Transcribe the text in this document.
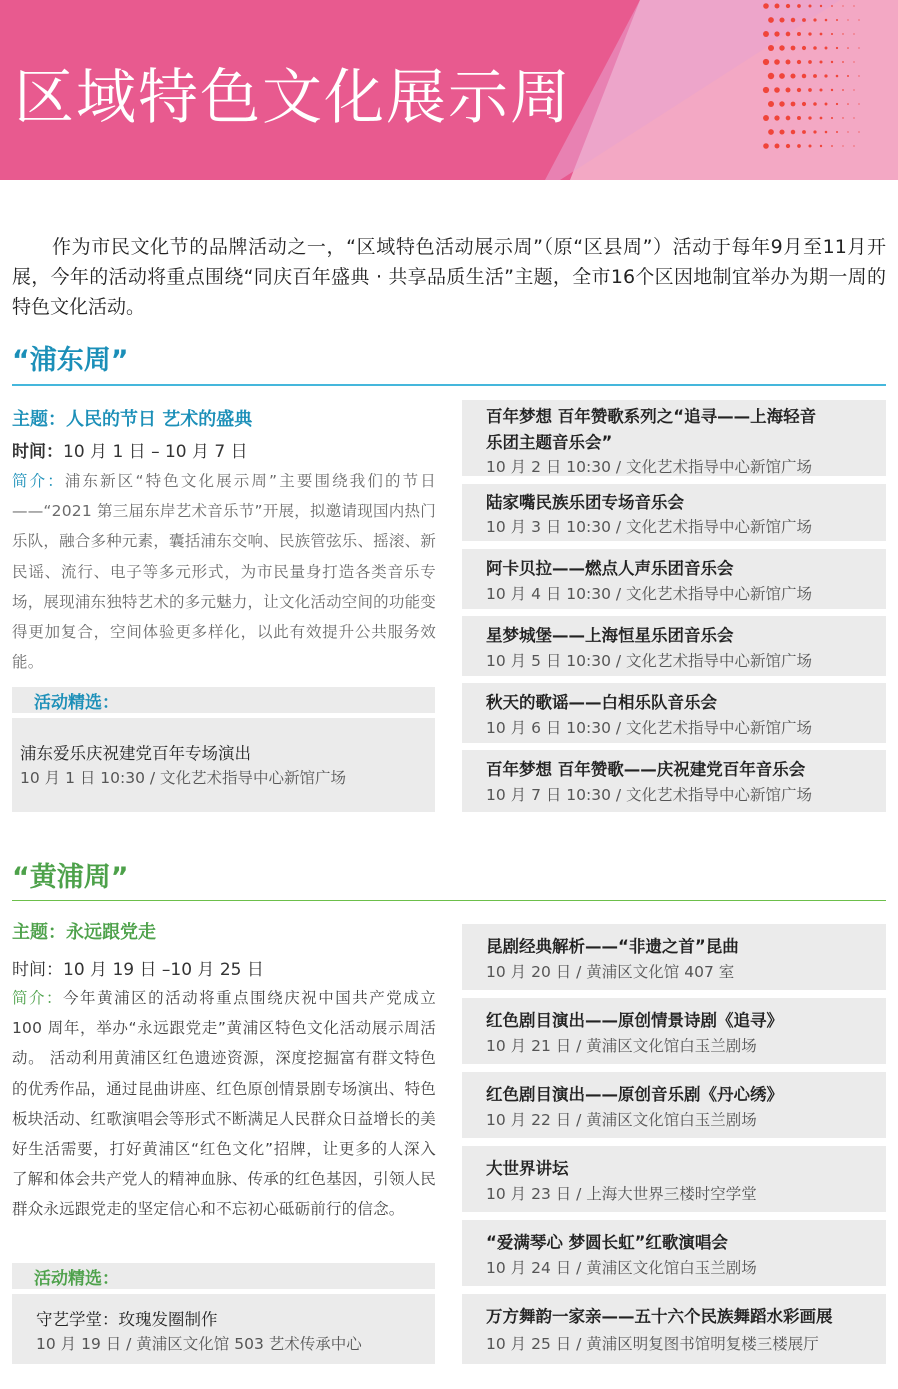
区域特色文化展示周
作为市民文化节的品牌活动之一，“区域特色活动展示周”（原“区县周”）活动于每年9月至11月开展，今年的活动将重点围绕“同庆百年盛典 · 共享品质生活”主题，全市16个区因地制宜举办为期一周的特色文化活动。
“浦东周”
主题：人民的节日 艺术的盛典
时间：10 月 1 日 – 10 月 7 日
简介：浦东新区“特色文化展示周”主要围绕我们的节日——“2021 第三届东岸艺术音乐节”开展，拟邀请现国内热门乐队，融合多种元素，囊括浦东交响、民族管弦乐、摇滚、新民谣、流行、电子等多元形式，为市民量身打造各类音乐专场，展现浦东独特艺术的多元魅力，让文化活动空间的功能变得更加复合，空间体验更多样化，以此有效提升公共服务效能。
活动精选：
浦东爱乐庆祝建党百年专场演出
10 月 1 日 10:30 / 文化艺术指导中心新馆广场
百年梦想 百年赞歌系列之“追寻——上海轻音
乐团主题音乐会”
10 月 2 日 10:30 / 文化艺术指导中心新馆广场
陆家嘴民族乐团专场音乐会
10 月 3 日 10:30 / 文化艺术指导中心新馆广场
阿卡贝拉——燃点人声乐团音乐会
10 月 4 日 10:30 / 文化艺术指导中心新馆广场
星梦城堡——上海恒星乐团音乐会
10 月 5 日 10:30 / 文化艺术指导中心新馆广场
秋天的歌谣——白相乐队音乐会
10 月 6 日 10:30 / 文化艺术指导中心新馆广场
百年梦想 百年赞歌——庆祝建党百年音乐会
10 月 7 日 10:30 / 文化艺术指导中心新馆广场
“黄浦周”
主题：永远跟党走
时间：10 月 19 日 –10 月 25 日
简介：今年黄浦区的活动将重点围绕庆祝中国共产党成立 100 周年，举办“永远跟党走”黄浦区特色文化活动展示周活动。 活动利用黄浦区红色遗迹资源，深度挖掘富有群文特色的优秀作品，通过昆曲讲座、红色原创情景剧专场演出、特色板块活动、红歌演唱会等形式不断满足人民群众日益增长的美好生活需要，打好黄浦区“红色文化”招牌，让更多的人深入了解和体会共产党人的精神血脉、传承的红色基因，引领人民群众永远跟党走的坚定信心和不忘初心砥砺前行的信念。
活动精选：
守艺学堂：玫瑰发圈制作
10 月 19 日 / 黄浦区文化馆 503 艺术传承中心
昆剧经典解析——“非遗之首”昆曲
10 月 20 日 / 黄浦区文化馆 407 室
红色剧目演出——原创情景诗剧《追寻》
10 月 21 日 / 黄浦区文化馆白玉兰剧场
红色剧目演出——原创音乐剧《丹心绣》
10 月 22 日 / 黄浦区文化馆白玉兰剧场
大世界讲坛
10 月 23 日 / 上海大世界三楼时空学堂
“爱满琴心 梦圆长虹”红歌演唱会
10 月 24 日 / 黄浦区文化馆白玉兰剧场
万方舞韵一家亲——五十六个民族舞蹈水彩画展
10 月 25 日 / 黄浦区明复图书馆明复楼三楼展厅
